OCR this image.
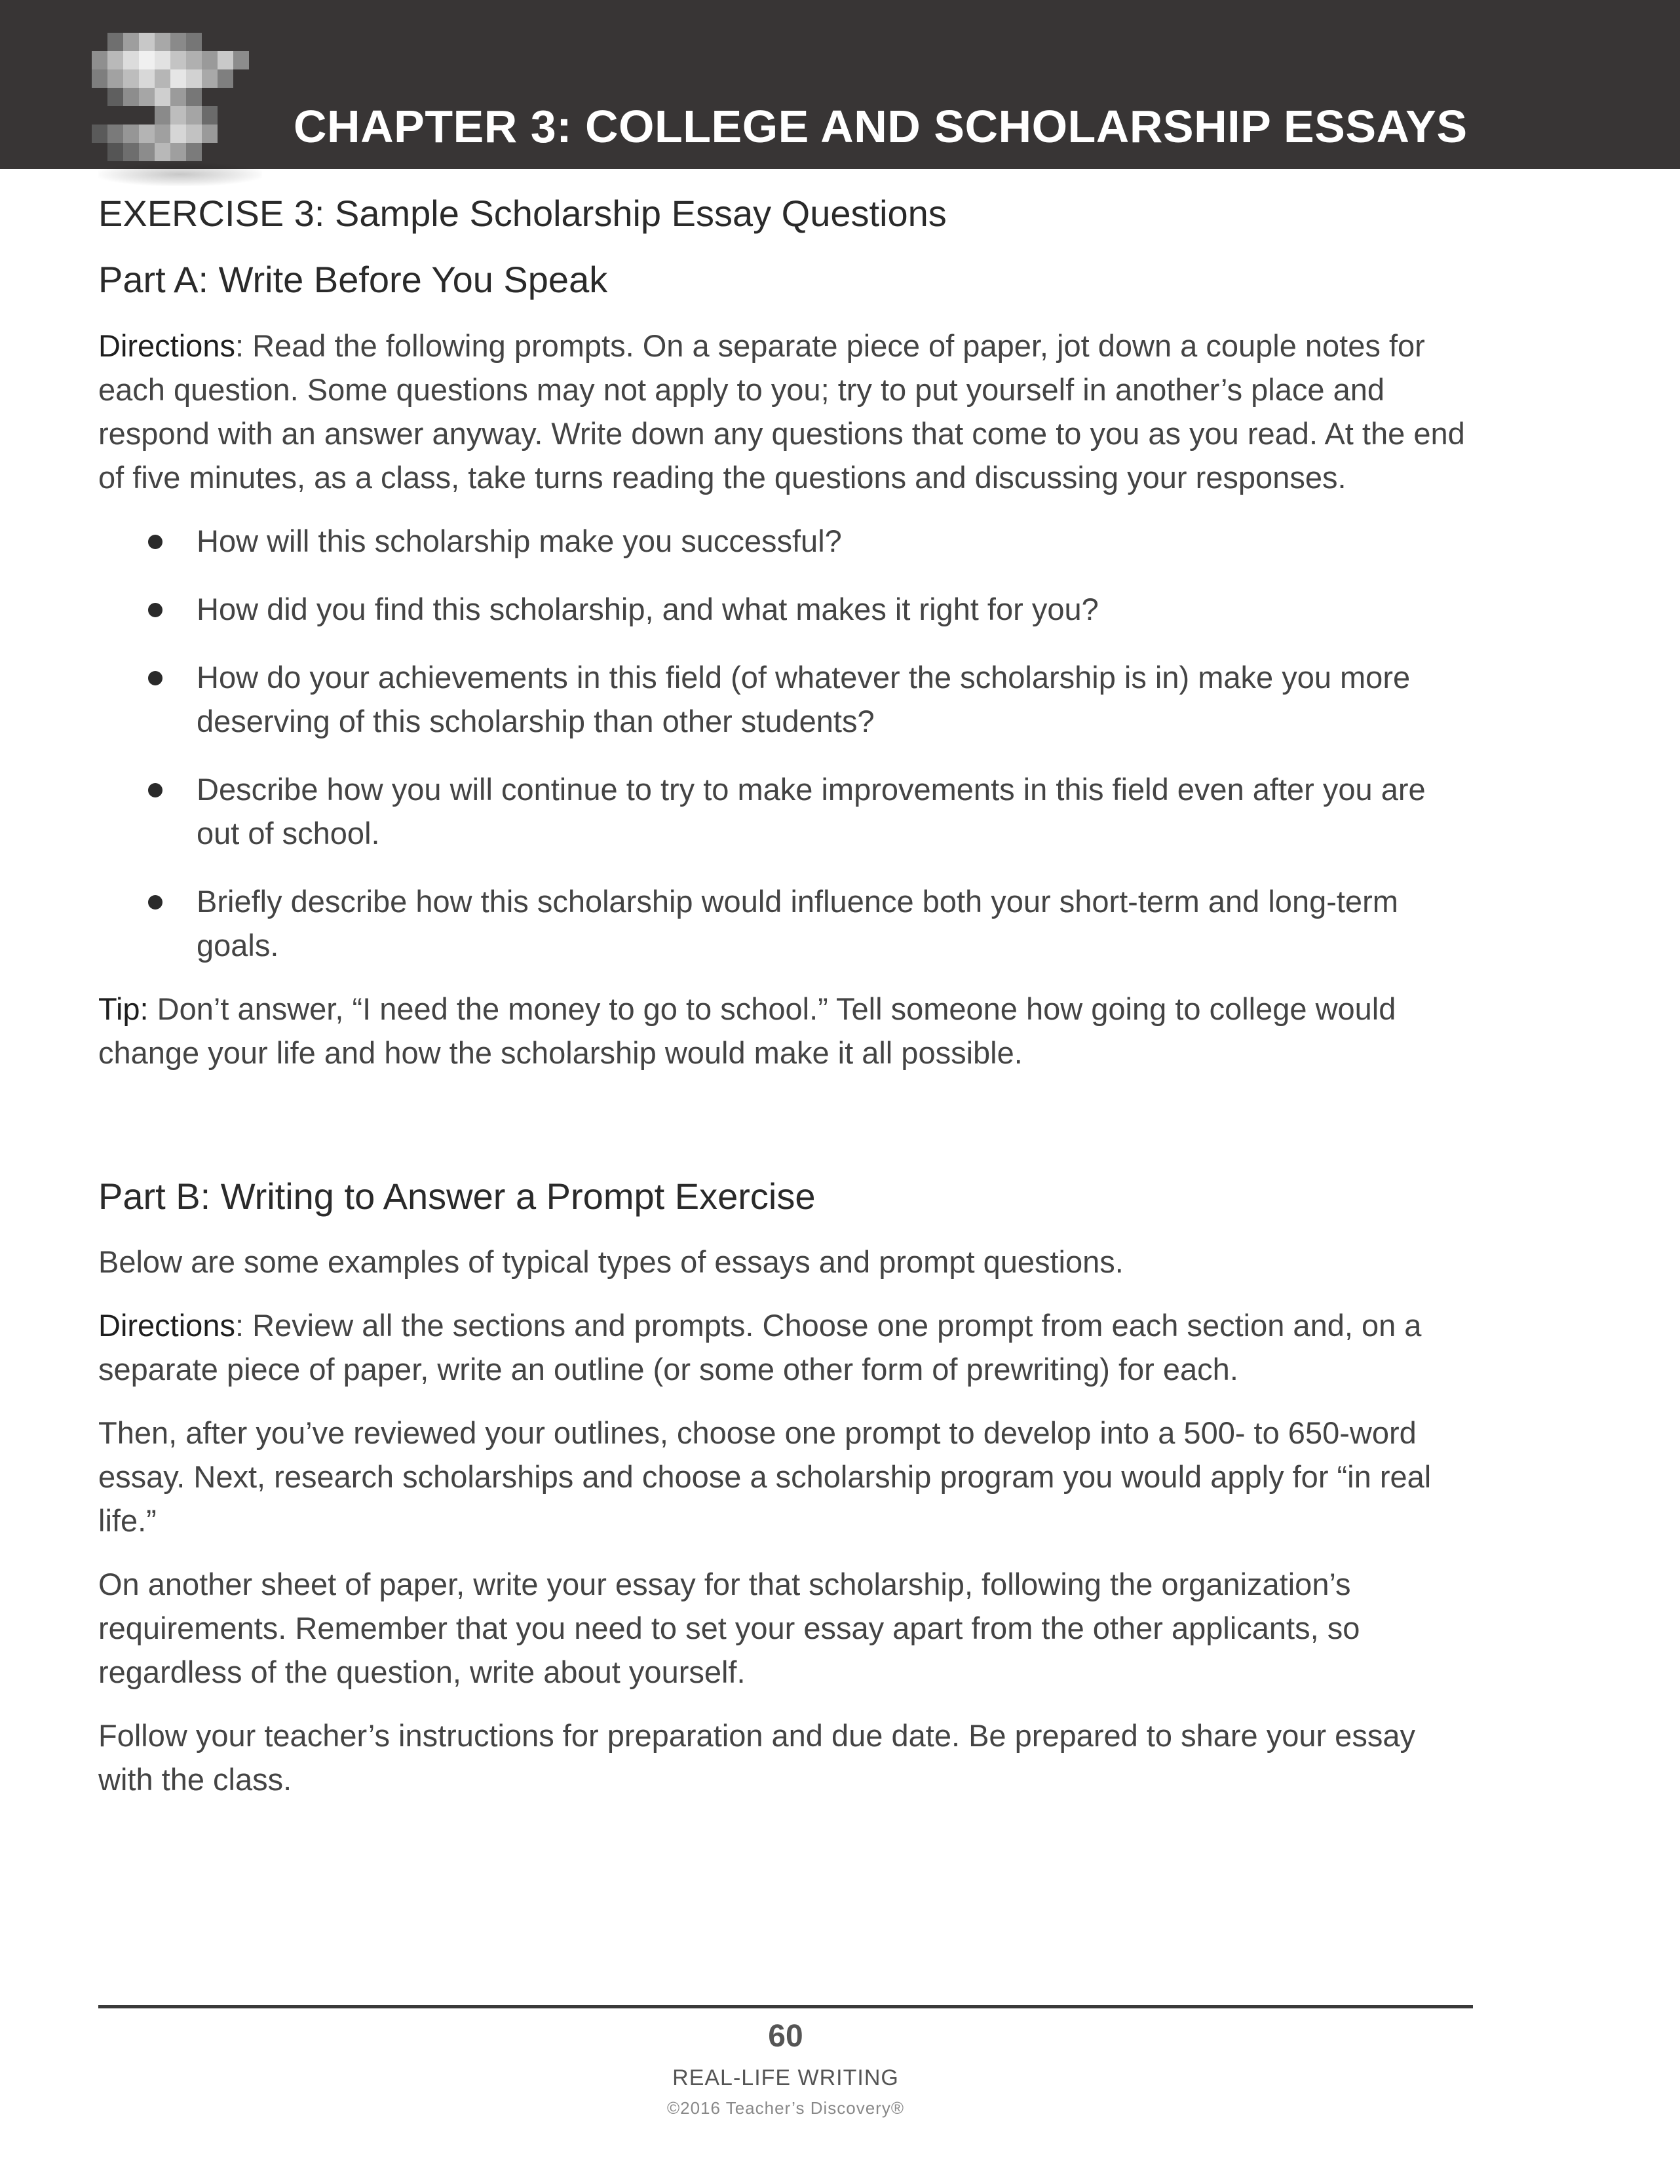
CHAPTER 3: COLLEGE AND SCHOLARSHIP ESSAYS
EXERCISE 3: Sample Scholarship Essay Questions
Part A: Write Before You Speak

Directions: Read the following prompts. On a separate piece of paper, jot down a couple notes for each question. Some questions may not apply to you; try to put yourself in another’s place and respond with an answer anyway. Write down any questions that come to you as you read. At the end of five minutes, as a class, take turns reading the questions and discussing your responses.

How will this scholarship make you successful?
How did you find this scholarship, and what makes it right for you?
How do your achievements in this field (of whatever the scholarship is in) make you more deserving of this scholarship than other students?
Describe how you will continue to try to make improvements in this field even after you are out of school.
Briefly describe how this scholarship would influence both your short-term and long-term goals.

Tip: Don’t answer, “I need the money to go to school.” Tell someone how going to college would change your life and how the scholarship would make it all possible.

Part B: Writing to Answer a Prompt Exercise

Below are some examples of typical types of essays and prompt questions.

Directions: Review all the sections and prompts. Choose one prompt from each section and, on a separate piece of paper, write an outline (or some other form of prewriting) for each.

Then, after you’ve reviewed your outlines, choose one prompt to develop into a 500- to 650-word essay. Next, research scholarships and choose a scholarship program you would apply for “in real life.”

On another sheet of paper, write your essay for that scholarship, following the organization’s requirements. Remember that you need to set your essay apart from the other applicants, so regardless of the question, write about yourself.

Follow your teacher’s instructions for preparation and due date. Be prepared to share your essay with the class.

60
REAL-LIFE WRITING
©2016 Teacher’s Discovery®
